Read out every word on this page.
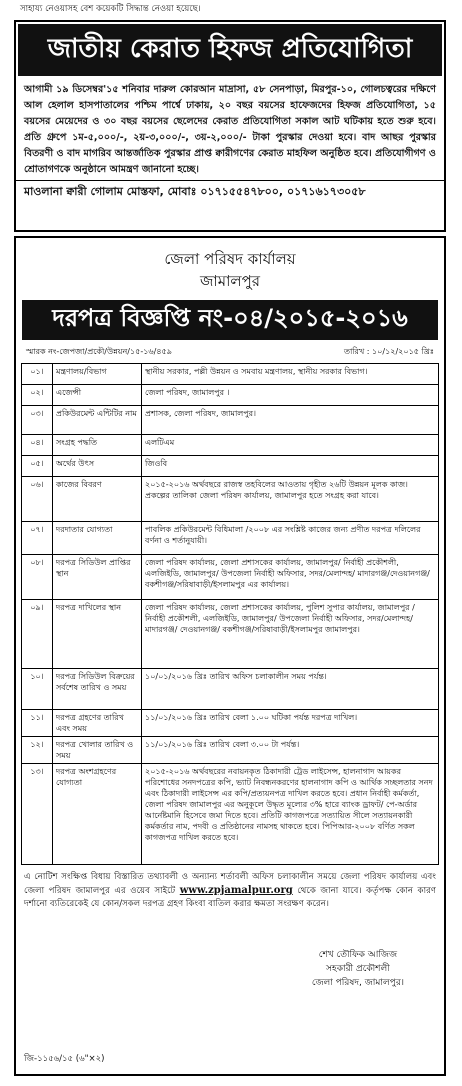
সাহায্য নেওয়াসহ বেশ কয়েকটি সিদ্ধান্ত নেওয়া হয়েছে।
জাতীয় কেরাত হিফজ প্রতিযোগিতা
আগামী ১৯ ডিসেম্বর'১৫ শনিবার দারুল কোরআন মাদ্রাসা, ৫৮ সেনপাড়া, মিরপুর-১০, গোলচত্বরের দক্ষিণে আল হেলাল হাসপাতালের পশ্চিম পার্শ্বে ঢাকায়, ২০ বছর বয়সের হাফেজদের হিফজ প্রতিযোগিতা, ১৫ বয়সের মেয়েদের ও ৩০ বছর বয়সের ছেলেদের কেরাত প্রতিযোগিতা সকাল আট ঘটিকায় হতে শুরু হবে। প্রতি গ্রুপে ১ম-৫,০০০/-, ২য়-৩,০০০/-, ৩য়-২,০০০/- টাকা পুরস্কার দেওয়া হবে। বাদ আছর পুরস্কার বিতরণী ও বাদ মাগরিব আন্তর্জাতিক পুরস্কার প্রাপ্ত ক্বারীগণের কেরাত মাহফিল অনুষ্ঠিত হবে। প্রতিযোগীগণ ও শ্রোতাগণকে অনুষ্ঠানে আমন্ত্রণ জানানো হচ্ছে।
মাওলানা ক্বারী গোলাম মোস্তফা, মোবাঃ ০১৭১৫৫৪৭৮০০, ০১৭১৬১৭৩০৫৮
জেলা পরিষদ কার্যালয়
জামালপুর
দরপত্র বিজ্ঞপ্তি নং-০৪/২০১৫-২০১৬
স্মারক নং-জেপজা/প্রকৌ/উন্নয়ন/১৫-১৬/৪৫৯	তারিখ : ১০/১২/২০১৫ খ্রিঃ
০১।	মন্ত্রণালয়/বিভাগ	স্থানীয় সরকার, পল্লী উন্নয়ন ও সমবায় মন্ত্রণালয়, স্থানীয় সরকার বিভাগ।
০২।	এজেন্সী	জেলা পরিষদ, জামালপুর ।
০৩।	প্রকিউরমেন্ট এন্টিটির নাম	প্রশাসক, জেলা পরিষদ, জামালপুর।
০৪।	সংগ্রহ পদ্ধতি	এলটিএম
০৫।	অর্থের উৎস	জিওবি
০৬।	কাজের বিবরণ	২০১৫-২০১৬ অর্থবছরে রাজস্ব তহবিলের আওতায় গৃহীত ২৬টি উন্নয়ন মূলক কাজ। প্রকল্পের তালিকা জেলা পরিষদ কার্যালয়, জামালপুর হতে সংগ্রহ করা যাবে।
০৭।	দরদাতার যোগ্যতা	পাবলিক প্রকিউরমেন্ট বিধিমালা /২০০৮ এর সংশ্লিষ্ট কাজের জন্য প্রণীত দরপত্র দলিলের বর্ণনা ও শর্তানুযায়ী।
০৮।	দরপত্র সিডিউল প্রাপ্তির স্থান	জেলা পরিষদ কার্যালয়, জেলা প্রশাসকের কার্যালয়, জামালপুর/ নির্বাহী প্রকৌশলী, এলজিইডি, জামালপুর/ উপজেলা নির্বাহী অফিসার, সদর/মেলান্দহ/ মাদারগঞ্জ/দেওয়ানগঞ্জ/বকশীগঞ্জ/সরিষাবাড়ী/ইসলামপুর এর কার্যালয়।
০৯।	দরপত্র দাখিলের স্থান	জেলা পরিষদ কার্যালয়, জেলা প্রশাসকের কার্যালয়, পুলিশ সুপার কার্যালয়, জামালপুর /নির্বাহী প্রকৌশলী, এলজিইডি, জামালপুর/ উপজেলা নির্বাহী অফিসার, সদর/মেলান্দহ/ মাদারগঞ্জ/ দেওয়ানগঞ্জ/ বকশীগঞ্জ/সরিষাবাড়ী/ইসলামপুর জামালপুর।
১০।	দরপত্র সিডিউল বিক্রয়ের সর্বশেষ তারিখ ও সময়	১০/০১/২০১৬ খ্রিঃ তারিখ অফিস চলাকালীন সময় পর্যন্ত।
১১।	দরপত্র গ্রহণের তারিখ এবং সময়	১১/০১/২০১৬ খ্রিঃ তারিখ বেলা ১.০০ ঘটিকা পর্যন্ত দরপত্র দাখিল।
১২।	দরপত্র খোলার তারিখ ও সময়	১১/০১/২০১৬ খ্রিঃ তারিখ বেলা ৩.০০ টা পর্যন্ত।
১৩।	দরপত্র অংশগ্রহণের যোগ্যতা	২০১৫-২০১৬ অর্থবছরের নবায়নকৃত ঠিকাদারী ট্রেড লাইসেন্স, হালনাগাদ আয়কর পরিশোধের সনদপত্রের কপি, ভ্যাট নিবন্ধনকরণের হালনাগাদ কপি ও আর্থিক সচ্ছলতার সনদ এবং ঠিকাদারী লাইসেন্স এর কপি/প্রত্যয়নপত্র দাখিল করতে হবে। প্রধান নির্বাহী কর্মকর্তা, জেলা পরিষদ জামালপুর এর অনুকূলে উদ্ধৃত মূল্যের ৩% হারে ব্যাংক ড্রাফট/ পে-অর্ডার আর্নেষ্টমানি হিসেবে জমা দিতে হবে। প্রতিটি কাগজপত্রে সত্যায়িত সীলে সত্যায়নকারী কর্মকর্তার নাম, পদবী ও প্রতিষ্ঠানের নামসহ থাকতে হবে। পিপিআর-২০০৮ বর্ণিত সকল কাগজপত্র দাখিল করতে হবে।
এ নোটিশ সংক্ষিপ্ত বিধায় বিস্তারিত তথ্যাবলী ও অন্যান্য শর্তাবলী অফিস চলাকালীন সময়ে জেলা পরিষদ কার্যালয় এবং জেলা পরিষদ জামালপুর এর ওয়েব সাইটে www.zpjamalpur.org থেকে জানা যাবে। কর্তৃপক্ষ কোন কারণ দর্শানো ব্যতিরেকেই যে কোন/সকল দরপত্র গ্রহণ কিংবা বাতিল করার ক্ষমতা সংরক্ষণ করেন।
শেখ তৌফিক আজিজ
সহকারী প্রকৌশলী
জেলা পরিষদ, জামালপুর।
জি-১১৫৬/১৫ (৬"×২)
